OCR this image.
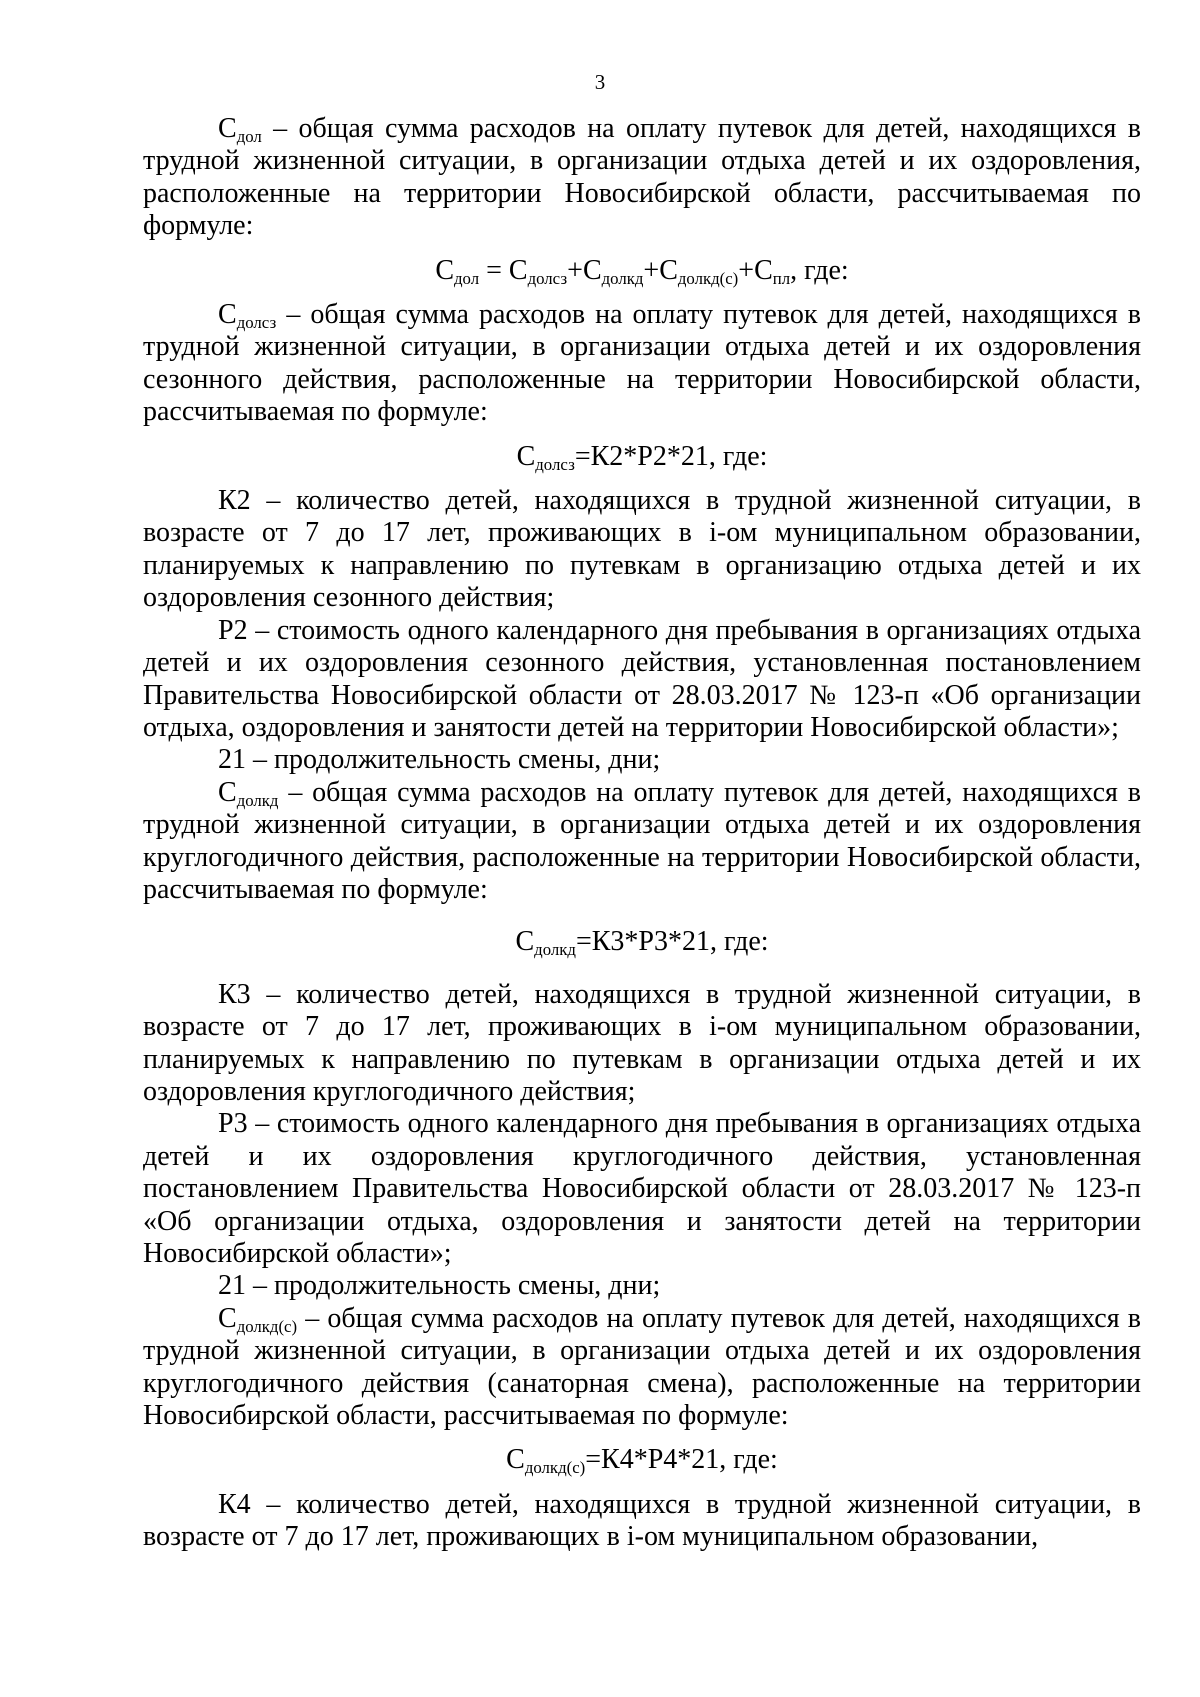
3

$С_{дол}$ – общая сумма расходов на оплату путевок для детей, находящихся в трудной жизненной ситуации, в организации отдыха детей и их оздоровления, расположенные на территории Новосибирской области, рассчитываемая по формуле:

$С_{дол} = С_{долсз}+С_{долкд}+С_{долкд(с)}+С_{пл}$, где:

$С_{долсз}$ – общая сумма расходов на оплату путевок для детей, находящихся в трудной жизненной ситуации, в организации отдыха детей и их оздоровления сезонного действия, расположенные на территории Новосибирской области, рассчитываемая по формуле:

$С_{долсз}=К2*Р2*21$, где:

К2 – количество детей, находящихся в трудной жизненной ситуации, в возрасте от 7 до 17 лет, проживающих в i-ом муниципальном образовании, планируемых к направлению по путевкам в организацию отдыха детей и их оздоровления сезонного действия;

Р2 – стоимость одного календарного дня пребывания в организациях отдыха детей и их оздоровления сезонного действия, установленная постановлением Правительства Новосибирской области от 28.03.2017 № 123-п «Об организации отдыха, оздоровления и занятости детей на территории Новосибирской области»;

21 – продолжительность смены, дни;

$С_{долкд}$ – общая сумма расходов на оплату путевок для детей, находящихся в трудной жизненной ситуации, в организации отдыха детей и их оздоровления круглогодичного действия, расположенные на территории Новосибирской области, рассчитываемая по формуле:

$С_{долкд}=К3*Р3*21$, где:

К3 – количество детей, находящихся в трудной жизненной ситуации, в возрасте от 7 до 17 лет, проживающих в i-ом муниципальном образовании, планируемых к направлению по путевкам в организации отдыха детей и их оздоровления круглогодичного действия;

Р3 – стоимость одного календарного дня пребывания в организациях отдыха детей и их оздоровления круглогодичного действия, установленная постановлением Правительства Новосибирской области от 28.03.2017 № 123-п «Об организации отдыха, оздоровления и занятости детей на территории Новосибирской области»;

21 – продолжительность смены, дни;

$С_{долкд(с)}$ – общая сумма расходов на оплату путевок для детей, находящихся в трудной жизненной ситуации, в организации отдыха детей и их оздоровления круглогодичного действия (санаторная смена), расположенные на территории Новосибирской области, рассчитываемая по формуле:

$С_{долкд(с)}=К4*Р4*21$, где:

К4 – количество детей, находящихся в трудной жизненной ситуации, в возрасте от 7 до 17 лет, проживающих в i-ом муниципальном образовании,
